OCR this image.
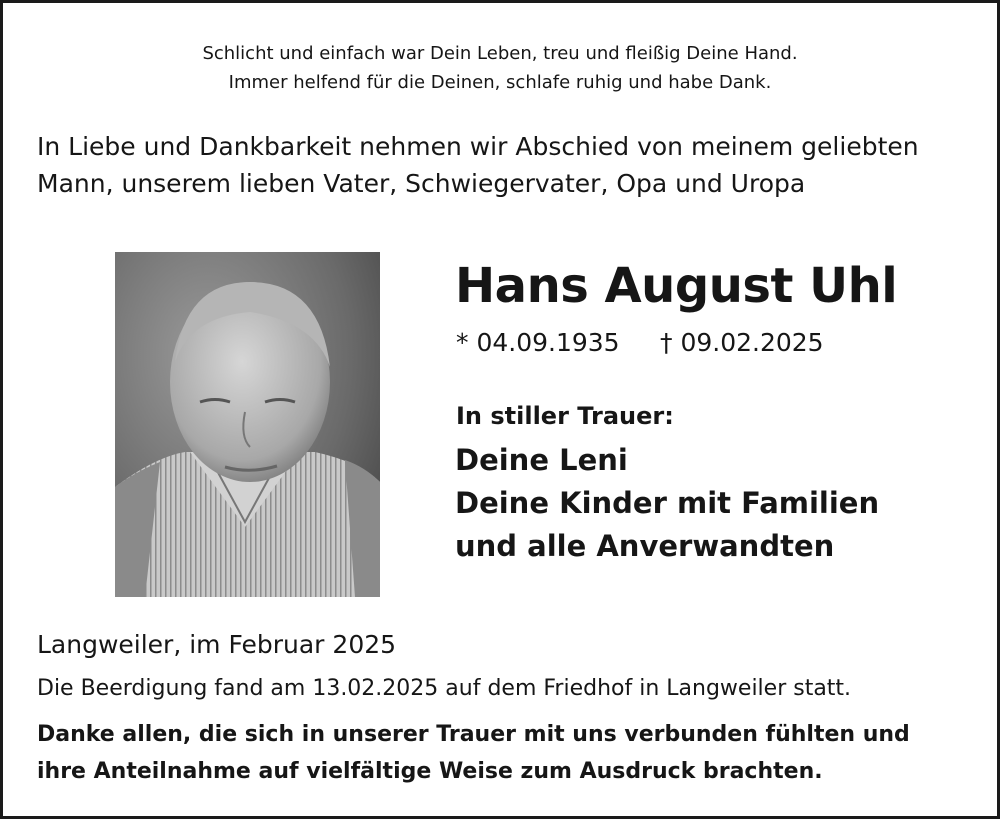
Schlicht und einfach war Dein Leben, treu und fleißig Deine Hand.
Immer helfend für die Deinen, schlafe ruhig und habe Dank.
In Liebe und Dankbarkeit nehmen wir Abschied von meinem geliebten Mann, unserem lieben Vater, Schwiegervater, Opa und Uropa
Hans August Uhl
* 04.09.1935 † 09.02.2025
In stiller Trauer:
Deine Leni
Deine Kinder mit Familien
und alle Anverwandten
Langweiler, im Februar 2025
Die Beerdigung fand am 13.02.2025 auf dem Friedhof in Langweiler statt.
Danke allen, die sich in unserer Trauer mit uns verbunden fühlten und
ihre Anteilnahme auf vielfältige Weise zum Ausdruck brachten.
